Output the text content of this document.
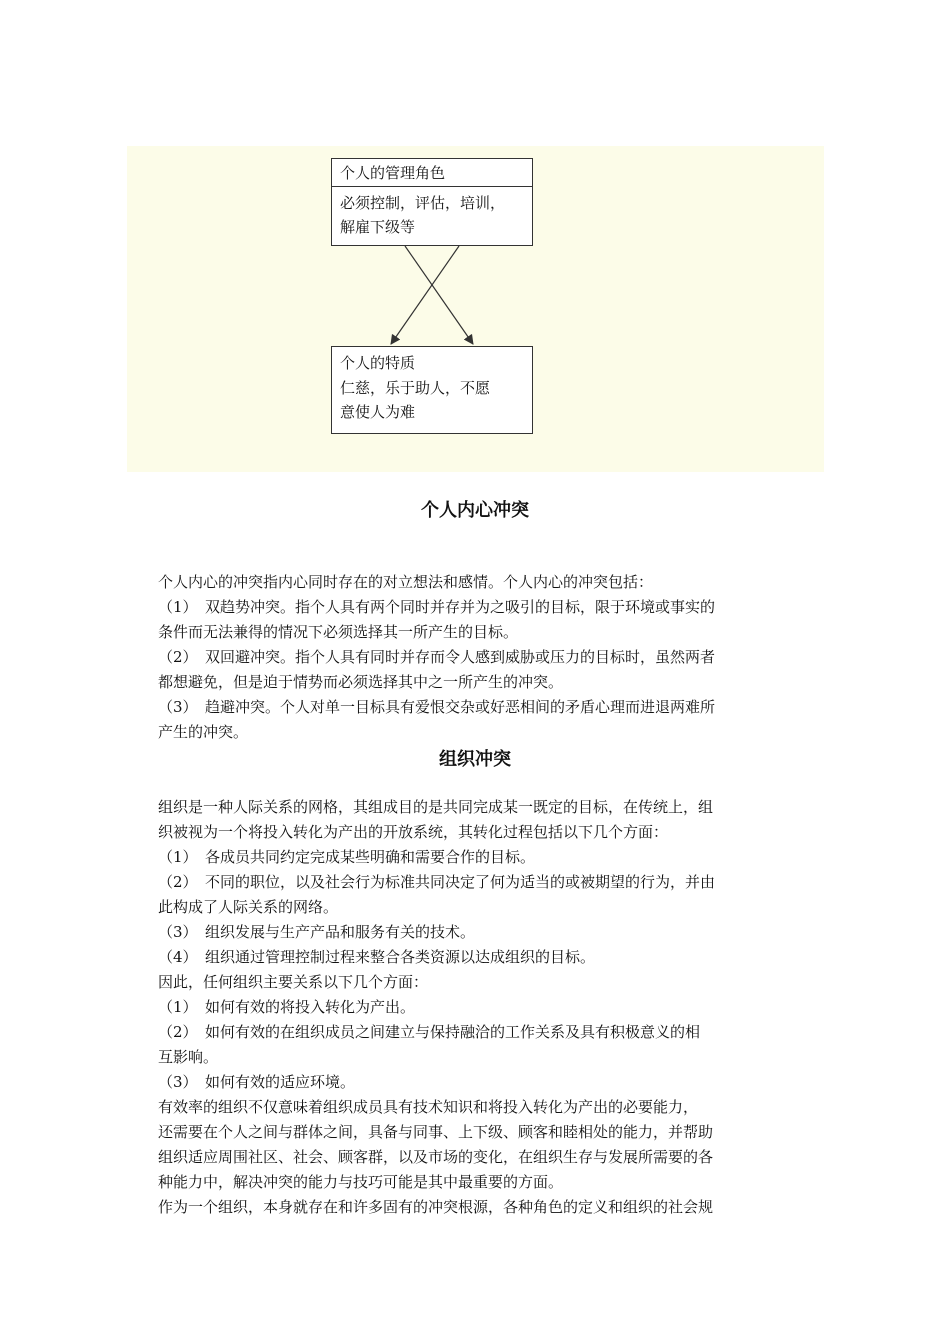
个人的管理角色
必须控制，评估，培训，
解雇下级等
个人的特质
仁慈，乐于助人，不愿
意使人为难
个人内心冲突

个人内心的冲突指内心同时存在的对立想法和感情。个人内心的冲突包括：

（1）　双趋势冲突。指个人具有两个同时并存并为之吸引的目标，限于环境或事实的

条件而无法兼得的情况下必须选择其一所产生的目标。

（2）　双回避冲突。指个人具有同时并存而令人感到威胁或压力的目标时，虽然两者

都想避免，但是迫于情势而必须选择其中之一所产生的冲突。

（3）　趋避冲突。个人对单一目标具有爱恨交杂或好恶相间的矛盾心理而进退两难所

产生的冲突。

组织冲突

组织是一种人际关系的网格，其组成目的是共同完成某一既定的目标，在传统上，组

织被视为一个将投入转化为产出的开放系统，其转化过程包括以下几个方面：

（1）　各成员共同约定完成某些明确和需要合作的目标。

（2）　不同的职位，以及社会行为标准共同决定了何为适当的或被期望的行为，并由

此构成了人际关系的网络。

（3）　组织发展与生产产品和服务有关的技术。

（4）　组织通过管理控制过程来整合各类资源以达成组织的目标。

因此，任何组织主要关系以下几个方面：

（1）　如何有效的将投入转化为产出。

（2）　如何有效的在组织成员之间建立与保持融洽的工作关系及具有积极意义的相

互影响。

（3）　如何有效的适应环境。

有效率的组织不仅意味着组织成员具有技术知识和将投入转化为产出的必要能力，

还需要在个人之间与群体之间，具备与同事、上下级、顾客和睦相处的能力，并帮助

组织适应周围社区、社会、顾客群，以及市场的变化，在组织生存与发展所需要的各

种能力中，解决冲突的能力与技巧可能是其中最重要的方面。

作为一个组织，本身就存在和许多固有的冲突根源，各种角色的定义和组织的社会规
